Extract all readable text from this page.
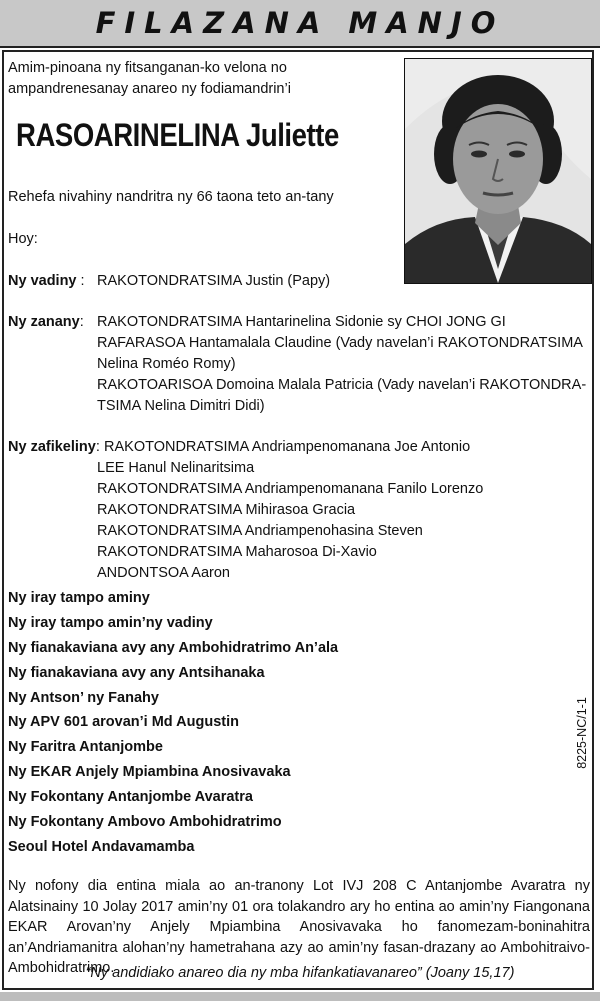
FILAZANA MANJO
Amim-pinoana ny fitsanganan-ko velona no ampandrenesanay anareo ny fodiamandrin’i
RASOARINELINA Juliette
Rehefa nivahiny nandritra ny 66 taona teto an-tany
Hoy:
Ny vadiny : RAKOTONDRATSIMA Justin (Papy)
Ny zanany: RAKOTONDRATSIMA Hantarinelina Sidonie sy CHOI JONG GI
RAFARASOA Hantamalala Claudine (Vady navelan’i RAKOTONDRATSIMA
Nelina Roméo Romy)
RAKOTOARISOA Domoina Malala Patricia (Vady navelan’i RAKOTONDRA-
TSIMA Nelina Dimitri Didi)
Ny zafikeliny: RAKOTONDRATSIMA Andriampenomanana Joe Antonio
LEE Hanul Nelinaritsima
RAKOTONDRATSIMA Andriampenomanana Fanilo Lorenzo
RAKOTONDRATSIMA Mihirasoa Gracia
RAKOTONDRATSIMA Andriampenohasina Steven
RAKOTONDRATSIMA Maharosoa Di-Xavio
ANDONTSOA Aaron
Ny iray tampo aminy
Ny iray tampo amin’ny vadiny
Ny fianakaviana avy any Ambohidratrimo An’ala
Ny fianakaviana avy any Antsihanaka
Ny Antson’ ny Fanahy
Ny APV 601 arovan’i Md Augustin
Ny Faritra Antanjombe
Ny EKAR Anjely Mpiambina Anosivavaka
Ny Fokontany Antanjombe Avaratra
Ny Fokontany Ambovo Ambohidratrimo
Seoul Hotel Andavamamba
8225-NC/1-1
Ny nofony dia entina miala ao an-tranony Lot IVJ 208 C Antanjombe Avaratra ny Alatsinainy 10 Jolay 2017 amin’ny 01 ora tolakandro ary ho entina ao amin’ny Fiangonana EKAR Arovan’ny Anjely Mpiambina Anosivavaka ho fanomezam-boninahitra an’Andriamanitra alohan’ny hametrahana azy ao amin’ny fasan-drazany ao Ambohitraivo-Ambohidratrimo.
“Ny andidiako anareo dia ny mba hifankatiavanareo” (Joany 15,17)
